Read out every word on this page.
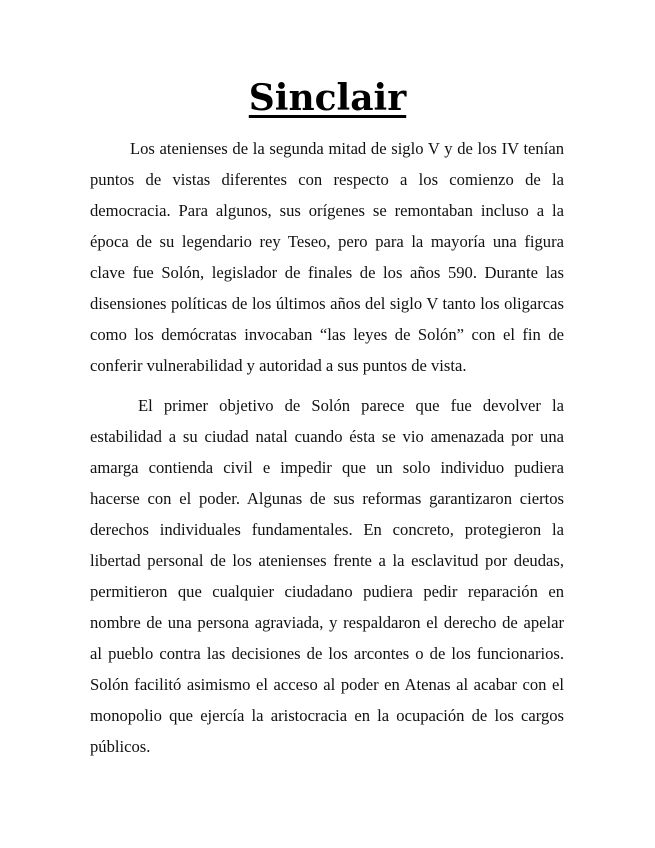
Sinclair

Los atenienses de la segunda mitad de siglo V y de los IV tenían puntos de vistas diferentes con respecto a los comienzo de la democracia. Para algunos, sus orígenes se remontaban incluso a la época de su legendario rey Teseo, pero para la mayoría una figura clave fue Solón, legislador de finales de los años 590. Durante las disensiones políticas de los últimos años del siglo V tanto los oligarcas como los demócratas invocaban “las leyes de Solón” con el fin de conferir vulnerabilidad y autoridad a sus puntos de vista.

El primer objetivo de Solón parece que fue devolver la estabilidad a su ciudad natal cuando ésta se vio amenazada por una amarga contienda civil e impedir que un solo individuo pudiera hacerse con el poder. Algunas de sus reformas garantizaron ciertos derechos individuales fundamentales. En concreto, protegieron la libertad personal de los atenienses frente a la esclavitud por deudas, permitieron que cualquier ciudadano pudiera pedir reparación en nombre de una persona agraviada, y respaldaron el derecho de apelar al pueblo contra las decisiones de los arcontes o de los funcionarios. Solón facilitó asimismo el acceso al poder en Atenas al acabar con el monopolio que ejercía la aristocracia en la ocupación de los cargos públicos.
